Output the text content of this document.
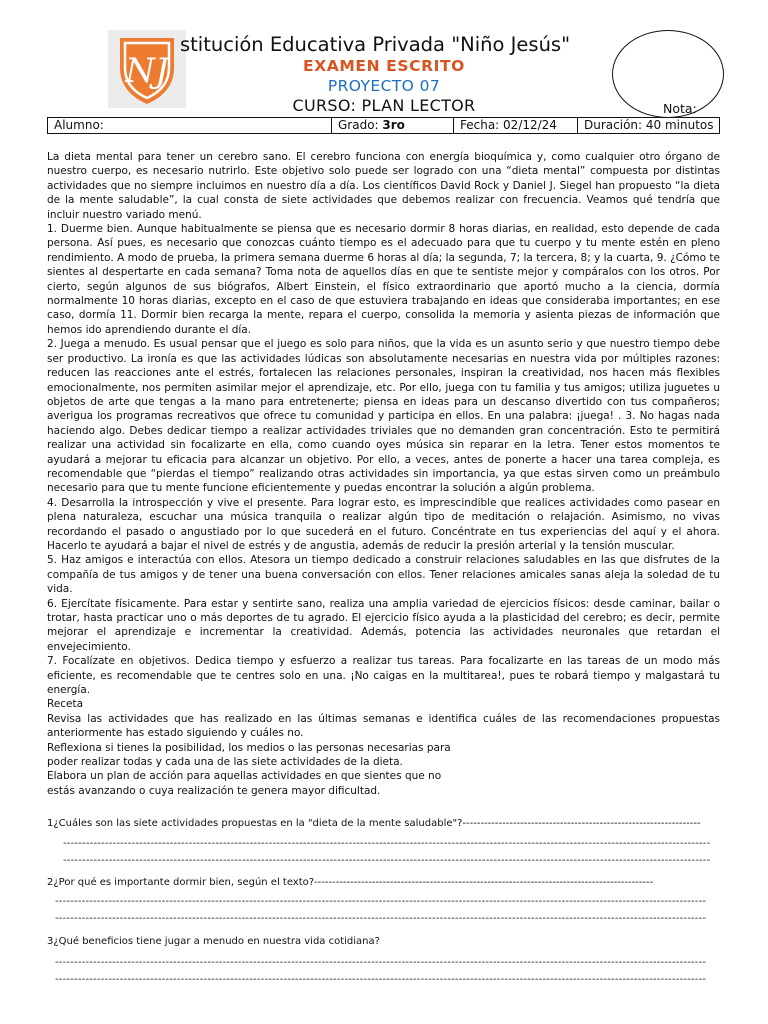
NJ
stitución Educativa Privada "Niño Jesús"
EXAMEN ESCRITO
PROYECTO 07
CURSO: PLAN LECTOR	Nota:
Alumno:	Grado: 3ro	Fecha: 02/12/24	Duración: 40 minutos

La dieta mental para tener un cerebro sano. El cerebro funciona con energía bioquímica y, como cualquier otro órgano de nuestro cuerpo, es necesario nutrirlo. Este objetivo solo puede ser logrado con una “dieta mental” compuesta por distintas actividades que no siempre incluimos en nuestro día a día. Los científicos David Rock y Daniel J. Siegel han propuesto “la dieta de la mente saludable”, la cual consta de siete actividades que debemos realizar con frecuencia. Veamos qué tendría que incluir nuestro variado menú.

1. Duerme bien. Aunque habitualmente se piensa que es necesario dormir 8 horas diarias, en realidad, esto depende de cada persona. Así pues, es necesario que conozcas cuánto tiempo es el adecuado para que tu cuerpo y tu mente estén en pleno rendimiento. A modo de prueba, la primera semana duerme 6 horas al día; la segunda, 7; la tercera, 8; y la cuarta, 9. ¿Cómo te sientes al despertarte en cada semana? Toma nota de aquellos días en que te sentiste mejor y compáralos con los otros. Por cierto, según algunos de sus biógrafos, Albert Einstein, el físico extraordinario que aportó mucho a la ciencia, dormía normalmente 10 horas diarias, excepto en el caso de que estuviera trabajando en ideas que consideraba importantes; en ese caso, dormía 11. Dormir bien recarga la mente, repara el cuerpo, consolida la memoria y asienta piezas de información que hemos ido aprendiendo durante el día.

2. Juega a menudo. Es usual pensar que el juego es solo para niños, que la vida es un asunto serio y que nuestro tiempo debe ser productivo. La ironía es que las actividades lúdicas son absolutamente necesarias en nuestra vida por múltiples razones: reducen las reacciones ante el estrés, fortalecen las relaciones personales, inspiran la creatividad, nos hacen más flexibles emocionalmente, nos permiten asimilar mejor el aprendizaje, etc. Por ello, juega con tu familia y tus amigos; utiliza juguetes u objetos de arte que tengas a la mano para entretenerte; piensa en ideas para un descanso divertido con tus compañeros; averigua los programas recreativos que ofrece tu comunidad y participa en ellos. En una palabra: ¡juega! . 3. No hagas nada haciendo algo. Debes dedicar tiempo a realizar actividades triviales que no demanden gran concentración. Esto te permitirá realizar una actividad sin focalizarte en ella, como cuando oyes música sin reparar en la letra. Tener estos momentos te ayudará a mejorar tu eficacia para alcanzar un objetivo. Por ello, a veces, antes de ponerte a hacer una tarea compleja, es recomendable que “pierdas el tiempo” realizando otras actividades sin importancia, ya que estas sirven como un preámbulo necesario para que tu mente funcione eficientemente y puedas encontrar la solución a algún problema.

4. Desarrolla la introspección y vive el presente. Para lograr esto, es imprescindible que realices actividades como pasear en plena naturaleza, escuchar una música tranquila o realizar algún tipo de meditación o relajación. Asimismo, no vivas recordando el pasado o angustiado por lo que sucederá en el futuro. Concéntrate en tus experiencias del aquí y el ahora. Hacerlo te ayudará a bajar el nivel de estrés y de angustia, además de reducir la presión arterial y la tensión muscular.

5. Haz amigos e interactúa con ellos. Atesora un tiempo dedicado a construir relaciones saludables en las que disfrutes de la compañía de tus amigos y de tener una buena conversación con ellos. Tener relaciones amicales sanas aleja la soledad de tu vida.

6. Ejercítate físicamente. Para estar y sentirte sano, realiza una amplia variedad de ejercicios físicos: desde caminar, bailar o trotar, hasta practicar uno o más deportes de tu agrado. El ejercicio físico ayuda a la plasticidad del cerebro; es decir, permite mejorar el aprendizaje e incrementar la creatividad. Además, potencia las actividades neuronales que retardan el envejecimiento.

7. Focalízate en objetivos. Dedica tiempo y esfuerzo a realizar tus tareas. Para focalizarte en las tareas de un modo más eficiente, es recomendable que te centres solo en una. ¡No caigas en la multitarea!, pues te robará tiempo y malgastará tu energía.

Receta

Revisa las actividades que has realizado en las últimas semanas e identifica cuáles de las recomendaciones propuestas anteriormente has estado siguiendo y cuáles no.

Reflexiona si tienes la posibilidad, los medios o las personas necesarias para

poder realizar todas y cada una de las siete actividades de la dieta.

Elabora un plan de acción para aquellas actividades en que sientes que no

estás avanzando o cuya realización te genera mayor dificultad.

1¿Cuáles son las siete actividades propuestas en la "dieta de la mente saludable"?------------------------------------------------------------------
--------------------------------------------------------------------------------------------------------------------------------------------------------------------------
--------------------------------------------------------------------------------------------------------------------------------------------------------------------------
2¿Por qué es importante dormir bien, según el texto?----------------------------------------------------------------------------------------------
---------------------------------------------------------------------------------------------------------------------------------------------------------------------------
---------------------------------------------------------------------------------------------------------------------------------------------------------------------------
3¿Qué beneficios tiene jugar a menudo en nuestra vida cotidiana?
---------------------------------------------------------------------------------------------------------------------------------------------------------------------------
---------------------------------------------------------------------------------------------------------------------------------------------------------------------------
